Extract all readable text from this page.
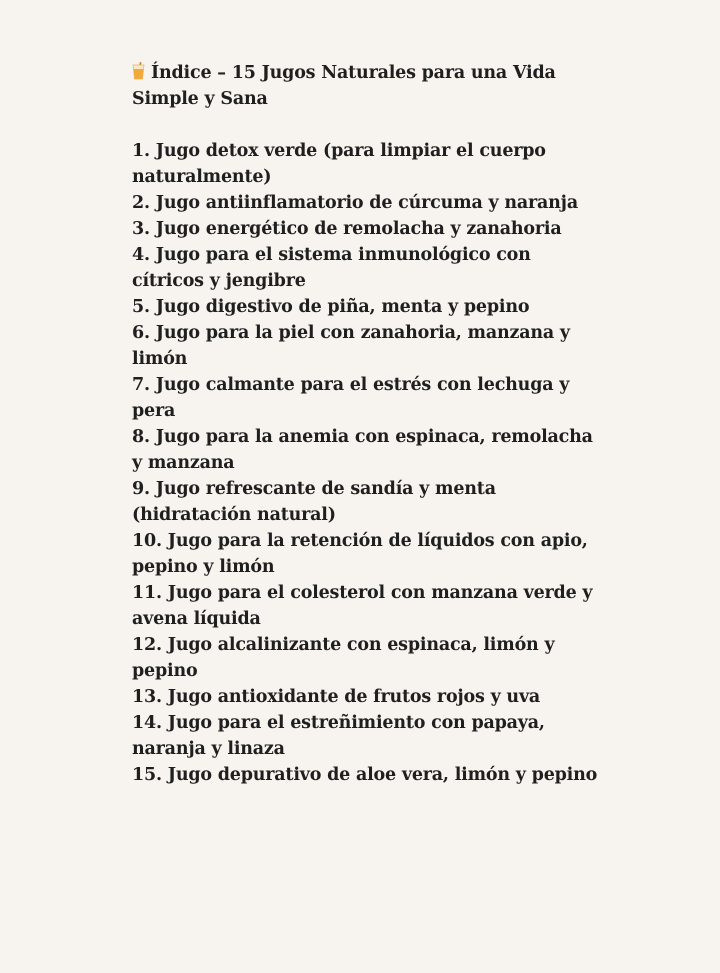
Índice – 15 Jugos Naturales para una Vida Simple y Sana
1. Jugo detox verde (para limpiar el cuerpo naturalmente)
2. Jugo antiinflamatorio de cúrcuma y naranja
3. Jugo energético de remolacha y zanahoria
4. Jugo para el sistema inmunológico con cítricos y jengibre
5. Jugo digestivo de piña, menta y pepino
6. Jugo para la piel con zanahoria, manzana y limón
7. Jugo calmante para el estrés con lechuga y pera
8. Jugo para la anemia con espinaca, remolacha y manzana
9. Jugo refrescante de sandía y menta (hidratación natural)
10. Jugo para la retención de líquidos con apio, pepino y limón
11. Jugo para el colesterol con manzana verde y avena líquida
12. Jugo alcalinizante con espinaca, limón y pepino
13. Jugo antioxidante de frutos rojos y uva
14. Jugo para el estreñimiento con papaya, naranja y linaza
15. Jugo depurativo de aloe vera, limón y pepino
